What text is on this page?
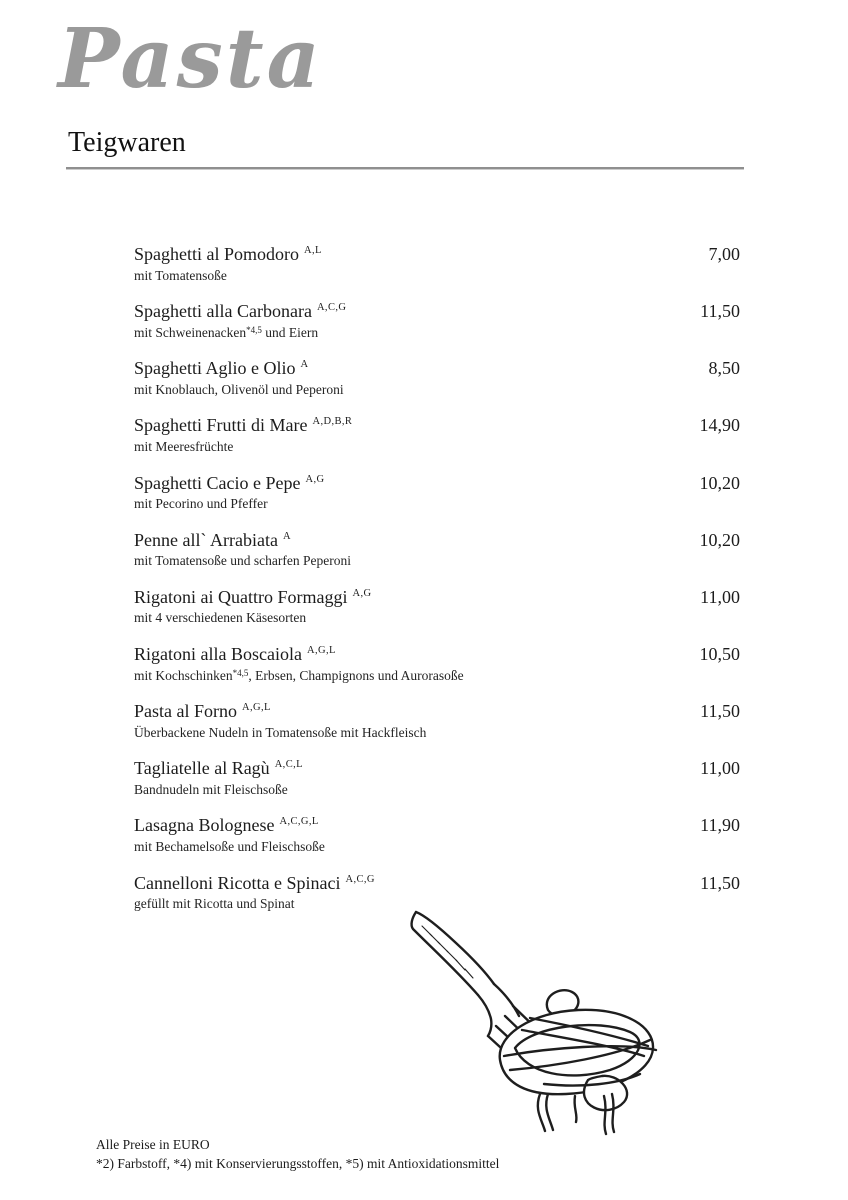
Pasta
Teigwaren
Spaghetti al Pomodoro $^{A,L}$	7,00
mit Tomatensoße
Spaghetti alla Carbonara $^{A,C,G}$	11,50
mit Schweinenacken$^{*4,5}$ und Eiern
Spaghetti Aglio e Olio $^A$	8,50
mit Knoblauch, Olivenöl und Peperoni
Spaghetti Frutti di Mare $^{A,D,B,R}$	14,90
mit Meeresfrüchte
Spaghetti Cacio e Pepe $^{A,G}$	10,20
mit Pecorino und Pfeffer
Penne all` Arrabiata $^A$	10,20
mit Tomatensoße und scharfen Peperoni
Rigatoni ai Quattro Formaggi $^{A,G}$	11,00
mit 4 verschiedenen Käsesorten
Rigatoni alla Boscaiola $^{A,G,L}$	10,50
mit Kochschinken$^{*4,5}$, Erbsen, Champignons und Aurorasoße
Pasta al Forno $^{A,G,L}$	11,50
Überbackene Nudeln in Tomatensoße mit Hackfleisch
Tagliatelle al Ragù $^{A,C,L}$	11,00
Bandnudeln mit Fleischsoße
Lasagna Bolognese $^{A,C,G,L}$	11,90
mit Bechamelsoße und Fleischsoße
Cannelloni Ricotta e Spinaci $^{A,C,G}$	11,50
gefüllt mit Ricotta und Spinat
Alle Preise in EURO
*2) Farbstoff, *4) mit Konservierungsstoffen, *5) mit Antioxidationsmittel
